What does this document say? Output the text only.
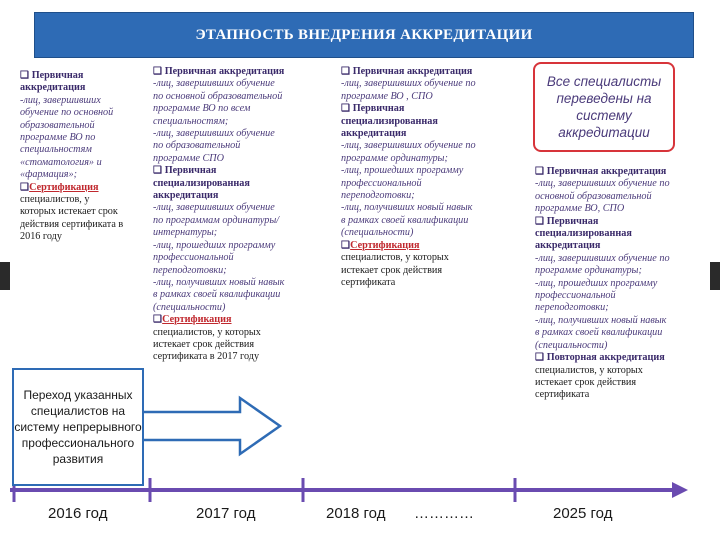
ЭТАПНОСТЬ ВНЕДРЕНИЯ АККРЕДИТАЦИИ
❑ Первичная аккредитация
-лиц, завершивших
обучение по основной
образовательной
программе ВО по
специальностям
«стоматология» и
«фармация»;
❑Сертификация
специалистов, у
которых истекает срок
действия сертификата в
2016 году
❑ Первичная аккредитация
-лиц, завершивших обучение
по основной образовательной
программе ВО по всем
специальностям;
-лиц, завершивших обучение
по образовательной
программе СПО
❑ Первичная
специализированная
аккредитация
-лиц, завершивших обучение
по программам ординатуры/
интернатуры;
-лиц, прошедших программу
профессиональной
переподготовки;
-лиц, получивших новый навык
в рамках своей квалификации
(специальности)
❑Сертификация
специалистов, у которых
истекает срок действия
сертификата в 2017 году
❑ Первичная аккредитация
-лиц, завершивших обучение по
программе ВО , СПО
❑ Первичная
специализированная
аккредитация
-лиц, завершивших обучение по
программе ординатуры;
-лиц, прошедших программу
профессиональной
переподготовки;
-лиц, получивших новый навык
в рамках своей квалификации
(специальности)
❑Сертификация
специалистов, у которых
истекает срок действия
сертификата
Все специалисты переведены на систему аккредитации
❑ Первичная аккредитация
-лиц, завершивших обучение по
основной образовательной
программе ВО, СПО
❑ Первичная
специализированная
аккредитация
-лиц, завершивших обучение по
программе ординатуры;
-лиц, прошедших программу
профессиональной
переподготовки;
-лиц, получивших новый навык
в рамках своей квалификации
(специальности)
❑ Повторная аккредитация
специалистов, у которых
истекает срок действия
сертификата
Переход указанных специалистов на систему непрерывного профессионального развития
2016 год	2017 год	2018 год …………	2025 год
